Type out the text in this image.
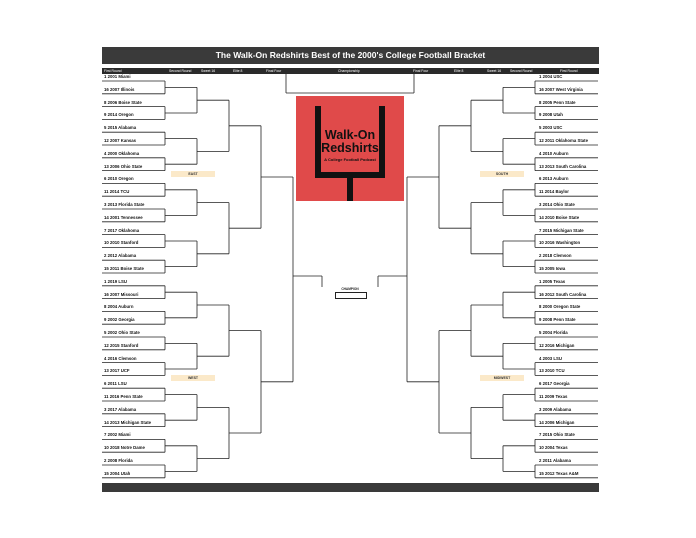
The Walk-On Redshirts Best of the 2000's College Football Bracket
First Round	Second Round	Sweet 16	Elite 8	Final Four	Championship	Final Four	Elite 8	Sweet 16	Second Round	First Round
1 2001 Miami
16 2007 Illinois
8 2006 Boise State
9 2014 Oregon
5 2015 Alabama
12 2007 Kansas
4 2000 Oklahoma
13 2006 Ohio State
6 2010 Oregon
11 2014 TCU
3 2013 Florida State
14 2001 Tennessee
7 2017 Oklahoma
10 2010 Stanford
2 2012 Alabama
15 2011 Boise State
1 2019 LSU
16 2007 Missouri
8 2004 Auburn
9 2002 Georgia
5 2002 Ohio State
12 2015 Stanford
4 2016 Clemson
13 2017 UCF
6 2011 LSU
11 2016 Penn State
3 2017 Alabama
14 2013 Michigan State
7 2002 Miami
10 2018 Notre Dame
2 2008 Florida
15 2004 Utah
1 2004 USC
16 2007 West Virginia
8 2005 Penn State
9 2008 Utah
5 2003 USC
12 2011 Oklahoma State
4 2010 Auburn
13 2013 South Carolina
6 2013 Auburn
11 2014 Baylor
3 2014 Ohio State
14 2010 Boise State
7 2015 Michigan State
10 2016 Washington
2 2018 Clemson
15 2005 Iowa
1 2005 Texas
16 2012 South Carolina
8 2000 Oregon State
9 2008 Penn State
5 2004 Florida
12 2016 Michigan
4 2003 LSU
13 2010 TCU
6 2017 Georgia
11 2009 Texas
3 2009 Alabama
14 2006 Michigan
7 2015 Ohio State
10 2004 Texas
2 2011 Alabama
15 2012 Texas A&M
EAST	SOUTH
WEST	MIDWEST
Walk-On
Redshirts
A College Football Podcast
CHAMPION
